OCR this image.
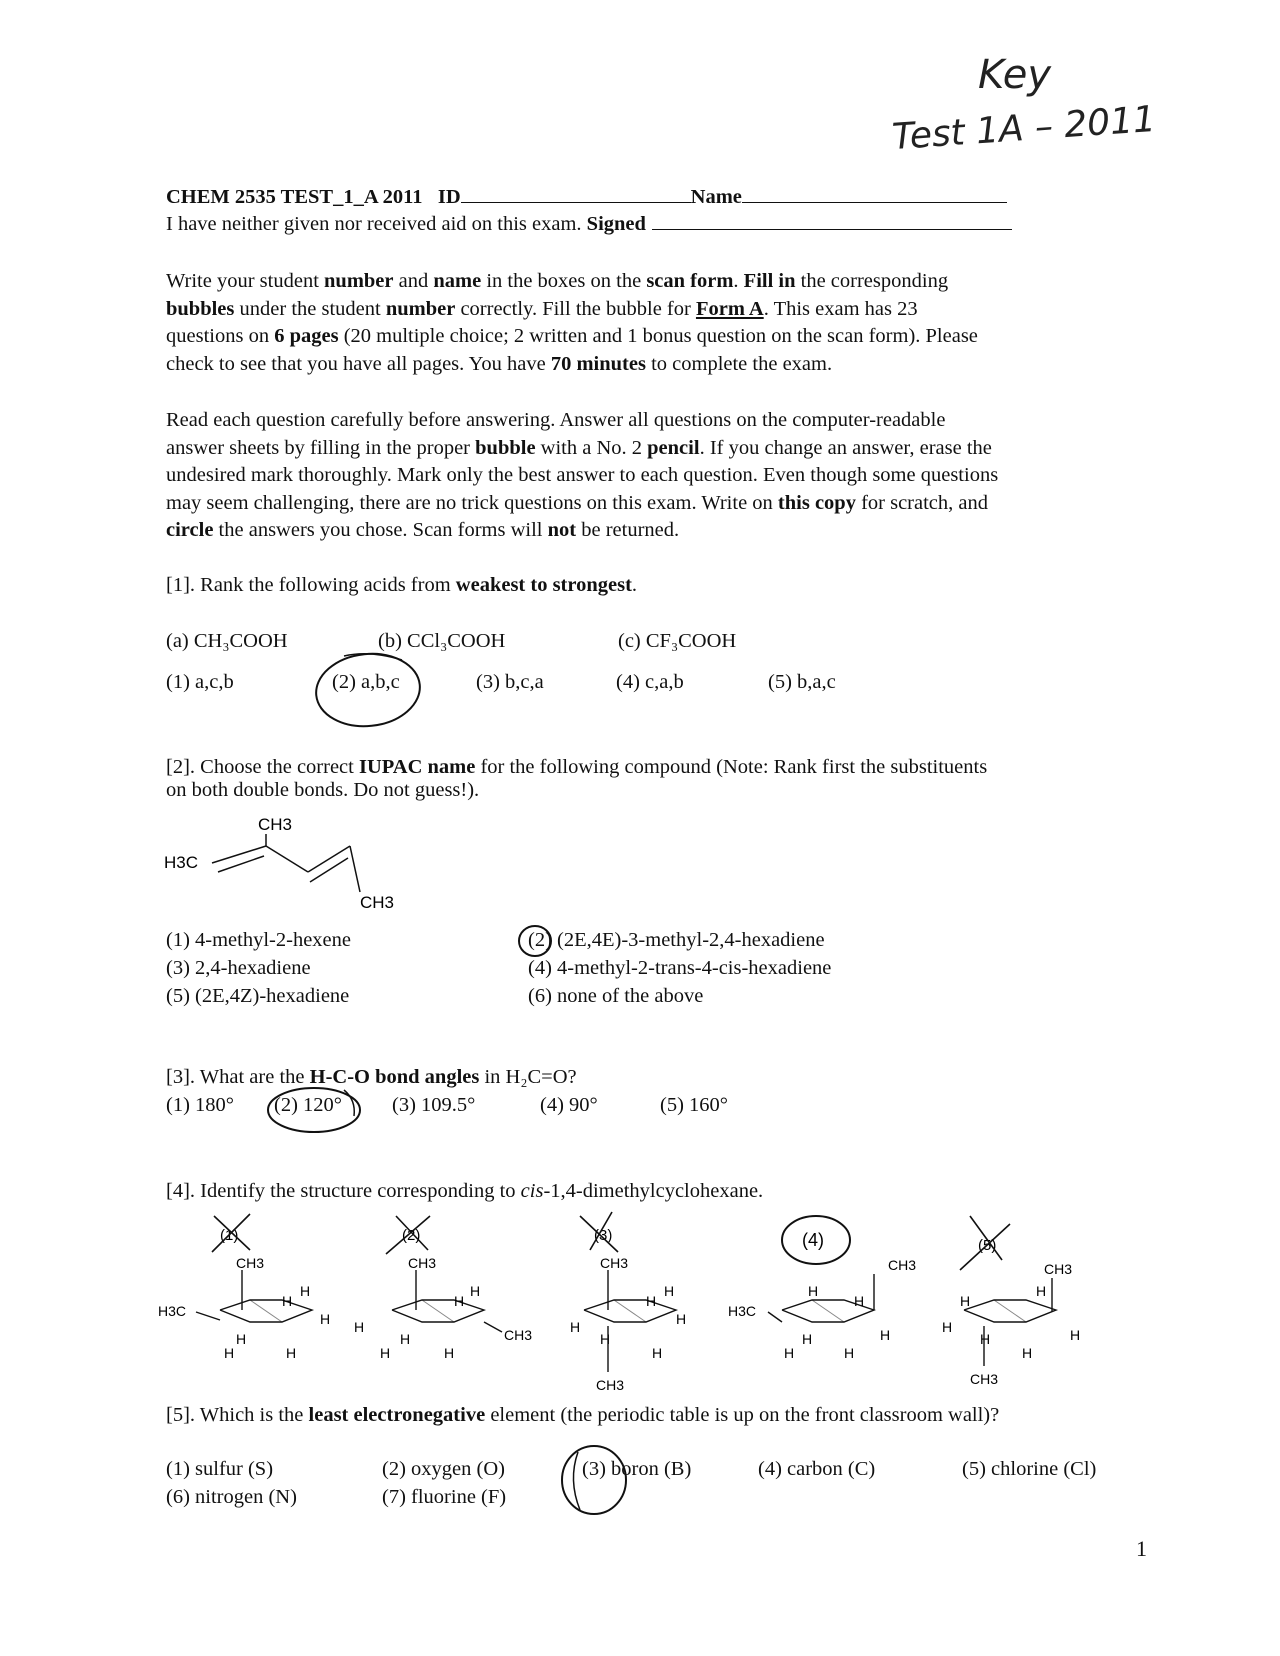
Key
Test 1A – 2011
CHEM 2535 TEST_1_A 2011 ID	Name
I have neither given nor received aid on this exam. Signed
Write your student number and name in the boxes on the scan form. Fill in the corresponding
bubbles under the student number correctly. Fill the bubble for Form A. This exam has 23
questions on 6 pages (20 multiple choice; 2 written and 1 bonus question on the scan form). Please
check to see that you have all pages. You have 70 minutes to complete the exam.
Read each question carefully before answering. Answer all questions on the computer-readable
answer sheets by filling in the proper bubble with a No. 2 pencil. If you change an answer, erase the
undesired mark thoroughly. Mark only the best answer to each question. Even though some questions
may seem challenging, there are no trick questions on this exam. Write on this copy for scratch, and
circle the answers you chose. Scan forms will not be returned.
[1]. Rank the following acids from weakest to strongest.
(a) CH₃COOH	(b) CCl₃COOH	(c) CF₃COOH
(1) a,c,b	(2) a,b,c	(3) b,c,a	(4) c,a,b	(5) b,a,c
[2]. Choose the correct IUPAC name for the following compound (Note: Rank first the substituents
on both double bonds. Do not guess!).
CH3
H3C
CH3
(1) 4-methyl-2-hexene	(2) (2E,4E)-3-methyl-2,4-hexadiene
(3) 2,4-hexadiene	(4) 4-methyl-2-trans-4-cis-hexadiene
(5) (2E,4Z)-hexadiene	(6) none of the above
[3]. What are the H-C-O bond angles in H₂C=O?
(1) 180° (2) 120° (3) 109.5°	(4) 90°	(5) 160°
[4]. Identify the structure corresponding to cis-1,4-dimethylcyclohexane.
(1)
CH3
H3C
H
H
H
H	H
H
(2)
CH3
H	CH3
H
H
H	H
H
(3)
CH3
H	H
H
H
H
H
CH3
(4)
H3C
CH3
H
H
H
H	H
H
(5)
CH3
H
H	H
H
H
H
CH3
[5]. Which is the least electronegative element (the periodic table is up on the front classroom wall)?
(1) sulfur (S)	(2) oxygen (O)	(3) boron (B)	(4) carbon (C)	(5) chlorine (Cl)
(6) nitrogen (N)	(7) fluorine (F)
1
